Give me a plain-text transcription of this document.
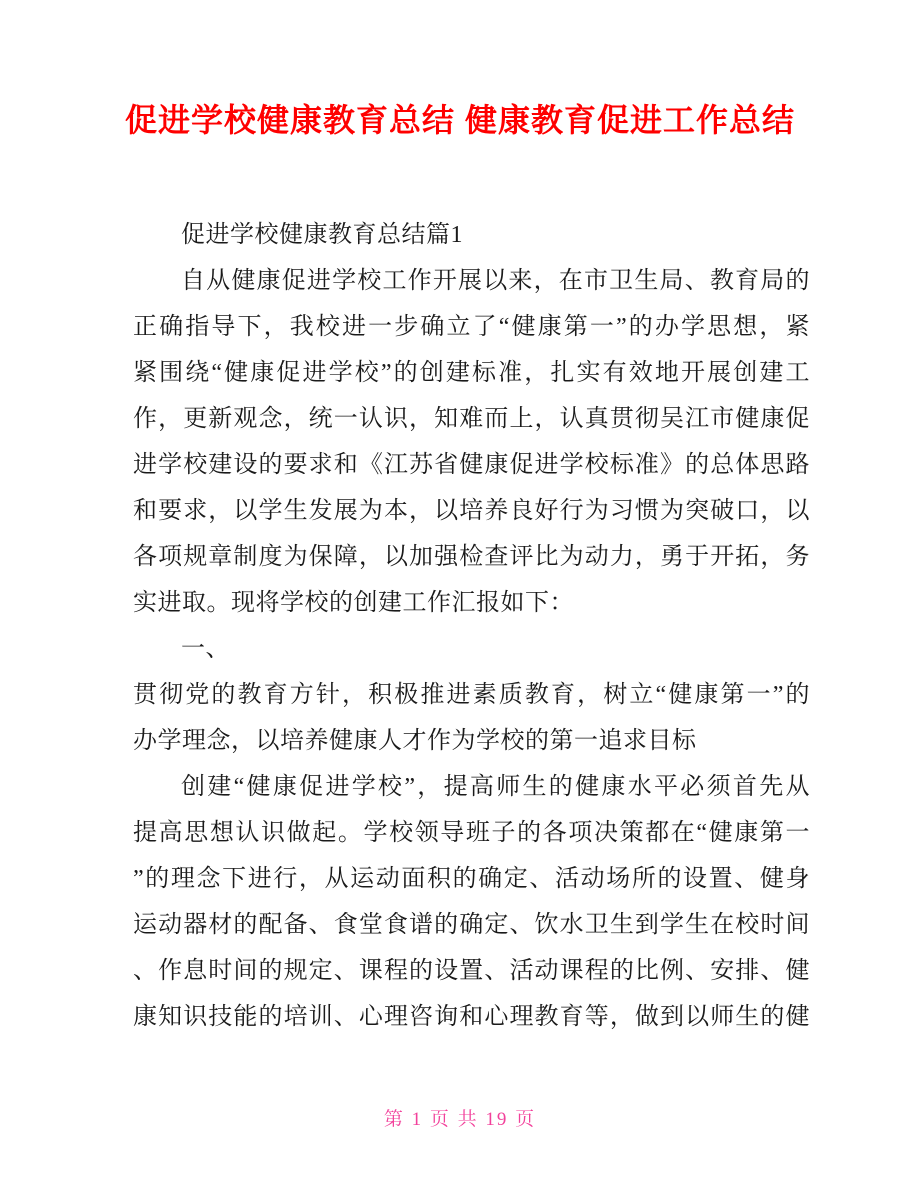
促进学校健康教育总结 健康教育促进工作总结
促进学校健康教育总结篇1
自从健康促进学校工作开展以来，在市卫生局、教育局的
正确指导下，我校进一步确立了“健康第一”的办学思想，紧
紧围绕“健康促进学校”的创建标准，扎实有效地开展创建工
作，更新观念，统一认识，知难而上，认真贯彻吴江市健康促
进学校建设的要求和《江苏省健康促进学校标准》的总体思路
和要求，以学生发展为本，以培养良好行为习惯为突破口，以
各项规章制度为保障，以加强检查评比为动力，勇于开拓，务
实进取。现将学校的创建工作汇报如下：
一、
贯彻党的教育方针，积极推进素质教育，树立“健康第一”的
办学理念，以培养健康人才作为学校的第一追求目标
创建“健康促进学校”，提高师生的健康水平必须首先从
提高思想认识做起。学校领导班子的各项决策都在“健康第一
”的理念下进行，从运动面积的确定、活动场所的设置、健身
运动器材的配备、食堂食谱的确定、饮水卫生到学生在校时间
、作息时间的规定、课程的设置、活动课程的比例、安排、健
康知识技能的培训、心理咨询和心理教育等，做到以师生的健
第 1 页 共 19 页
